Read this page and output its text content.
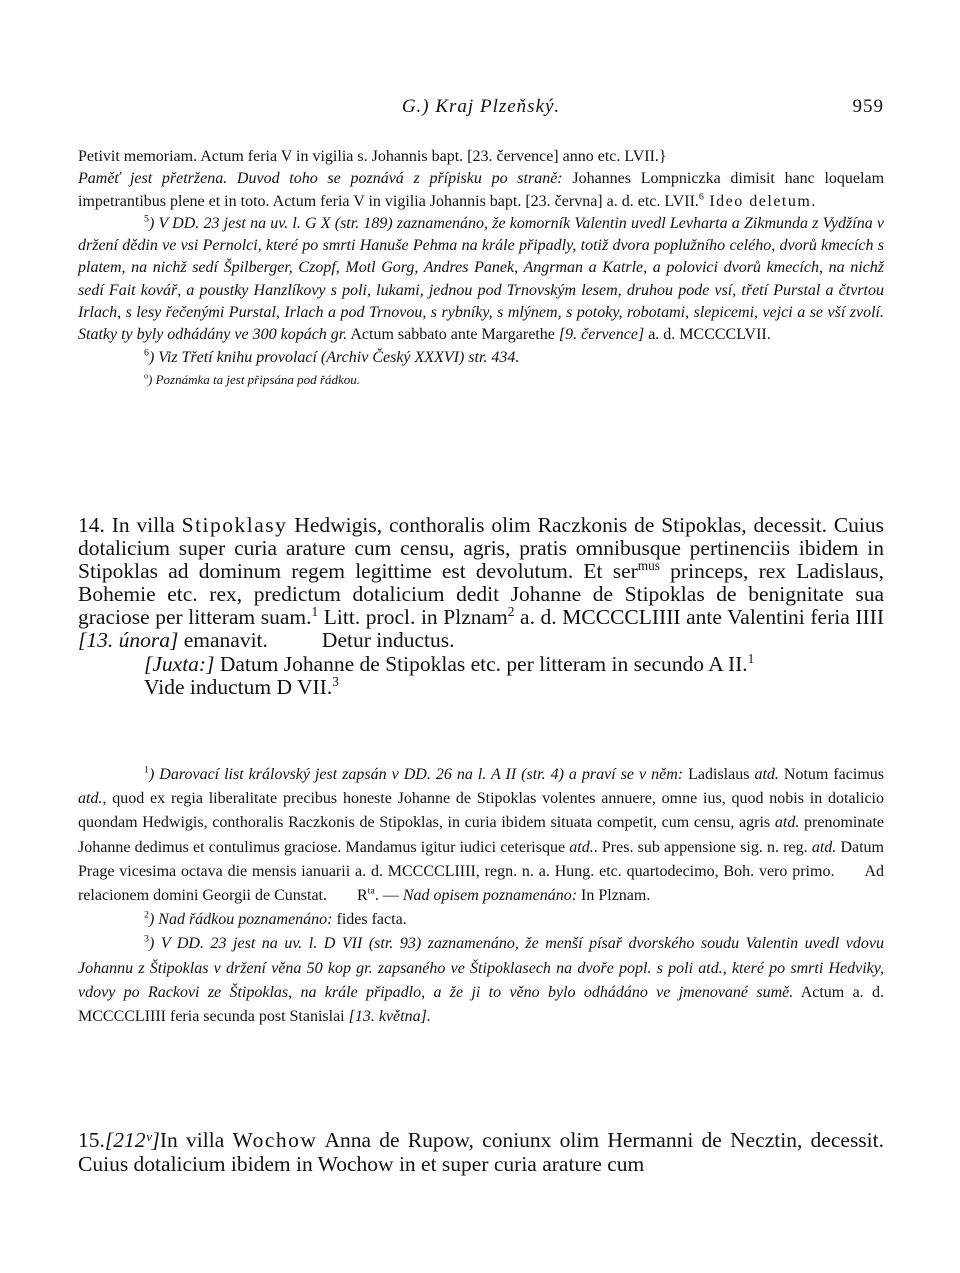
G.) Kraj Plzeňský.	959

Petivit memoriam. Actum feria V in vigilia s. Johannis bapt. [23. července] anno etc. LVII.}
Paměť jest přetržena. Duvod toho se poznává z přípisku po straně: Johannes Lompniczka dimisit hanc loquelam impetrantibus plene et in toto. Actum feria V in vigilia Johannis bapt. [23. června] a. d. etc. LVII.$^6$ Ideo deletum.

$^5$) V DD. 23 jest na uv. l. G X (str. 189) zaznamenáno, že komorník Valentin uvedl Levharta a Zikmunda z Vydžína v držení dědin ve vsi Pernolci, které po smrti Hanuše Pehma na krále připadly, totiž dvora poplužního celého, dvorů kmecích s platem, na nichž sedí Špilberger, Czopf, Motl Gorg, Andres Panek, Angrman a Katrle, a polovici dvorů kmecích, na nichž sedí Fait kovář, a poustky Hanzlíkovy s poli, lukami, jednou pod Trnovským lesem, druhou pode vsí, třetí Purstal a čtvrtou Irlach, s lesy řečenými Purstal, Irlach a pod Trnovou, s rybníky, s mlýnem, s potoky, robotami, slepicemi, vejci a se vší zvolí. Statky ty byly odhádány ve 300 kopách gr. Actum sabbato ante Margarethe [9. července] a. d. MCCCCLVII.

$^6$) Viz Třetí knihu provolací (Archiv Český XXXVI) str. 434.

$^o$) Poznámka ta jest připsána pod řádkou.

14. In villa Stipoklasy Hedwigis, conthoralis olim Raczkonis de Stipoklas, decessit. Cuius dotalicium super curia arature cum censu, agris, pratis omnibusque pertinenciis ibidem in Stipoklas ad dominum regem legittime est devolutum. Et ser$^{mus}$ princeps, rex Ladislaus, Bohemie etc. rex, predictum dotalicium dedit Johanne de Stipoklas de benignitate sua graciose per litteram suam.$^1$ Litt. procl. in Plznam$^2$ a. d. MCCCCLIIII ante Valentini feria IIII [13. února] emanavit.	Detur inductus.

[Juxta:] Datum Johanne de Stipoklas etc. per litteram in secundo A II.$^1$

Vide inductum D VII.$^3$

$^1$) Darovací list královský jest zapsán v DD. 26 na l. A II (str. 4) a praví se v něm: Ladislaus atd. Notum facimus atd., quod ex regia liberalitate precibus honeste Johanne de Stipoklas volentes annuere, omne ius, quod nobis in dotalicio quondam Hedwigis, conthoralis Raczkonis de Stipoklas, in curia ibidem situata competit, cum censu, agris atd. prenominate Johanne dedimus et contulimus graciose. Mandamus igitur iudici ceterisque atd.. Pres. sub appensione sig. n. reg. atd. Datum Prage vicesima octava die mensis ianuarii a. d. MCCCCLIIII, regn. n. a. Hung. etc. quartodecimo, Boh. vero primo. Ad relacionem domini Georgii de Cunstat. $R^{ta}$. — Nad opisem poznamenáno: In Plznam.

$^2$) Nad řádkou poznamenáno: fides facta.

$^3$) V DD. 23 jest na uv. l. D VII (str. 93) zaznamenáno, že menší písař dvorského soudu Valentin uvedl vdovu Johannu z Štipoklas v držení věna 50 kop gr. zapsaného ve Štipoklasech na dvoře popl. s poli atd., které po smrti Hedviky, vdovy po Rackovi ze Štipoklas, na krále připadlo, a že ji to věno bylo odhádáno ve jmenované sumě. Actum a. d. MCCCCLIIII feria secunda post Stanislai [13. května].

15.[212ᵛ]In villa Wochow Anna de Rupow, coniunx olim Hermanni de Necztin, decessit. Cuius dotalicium ibidem in Wochow in et super curia arature cum
